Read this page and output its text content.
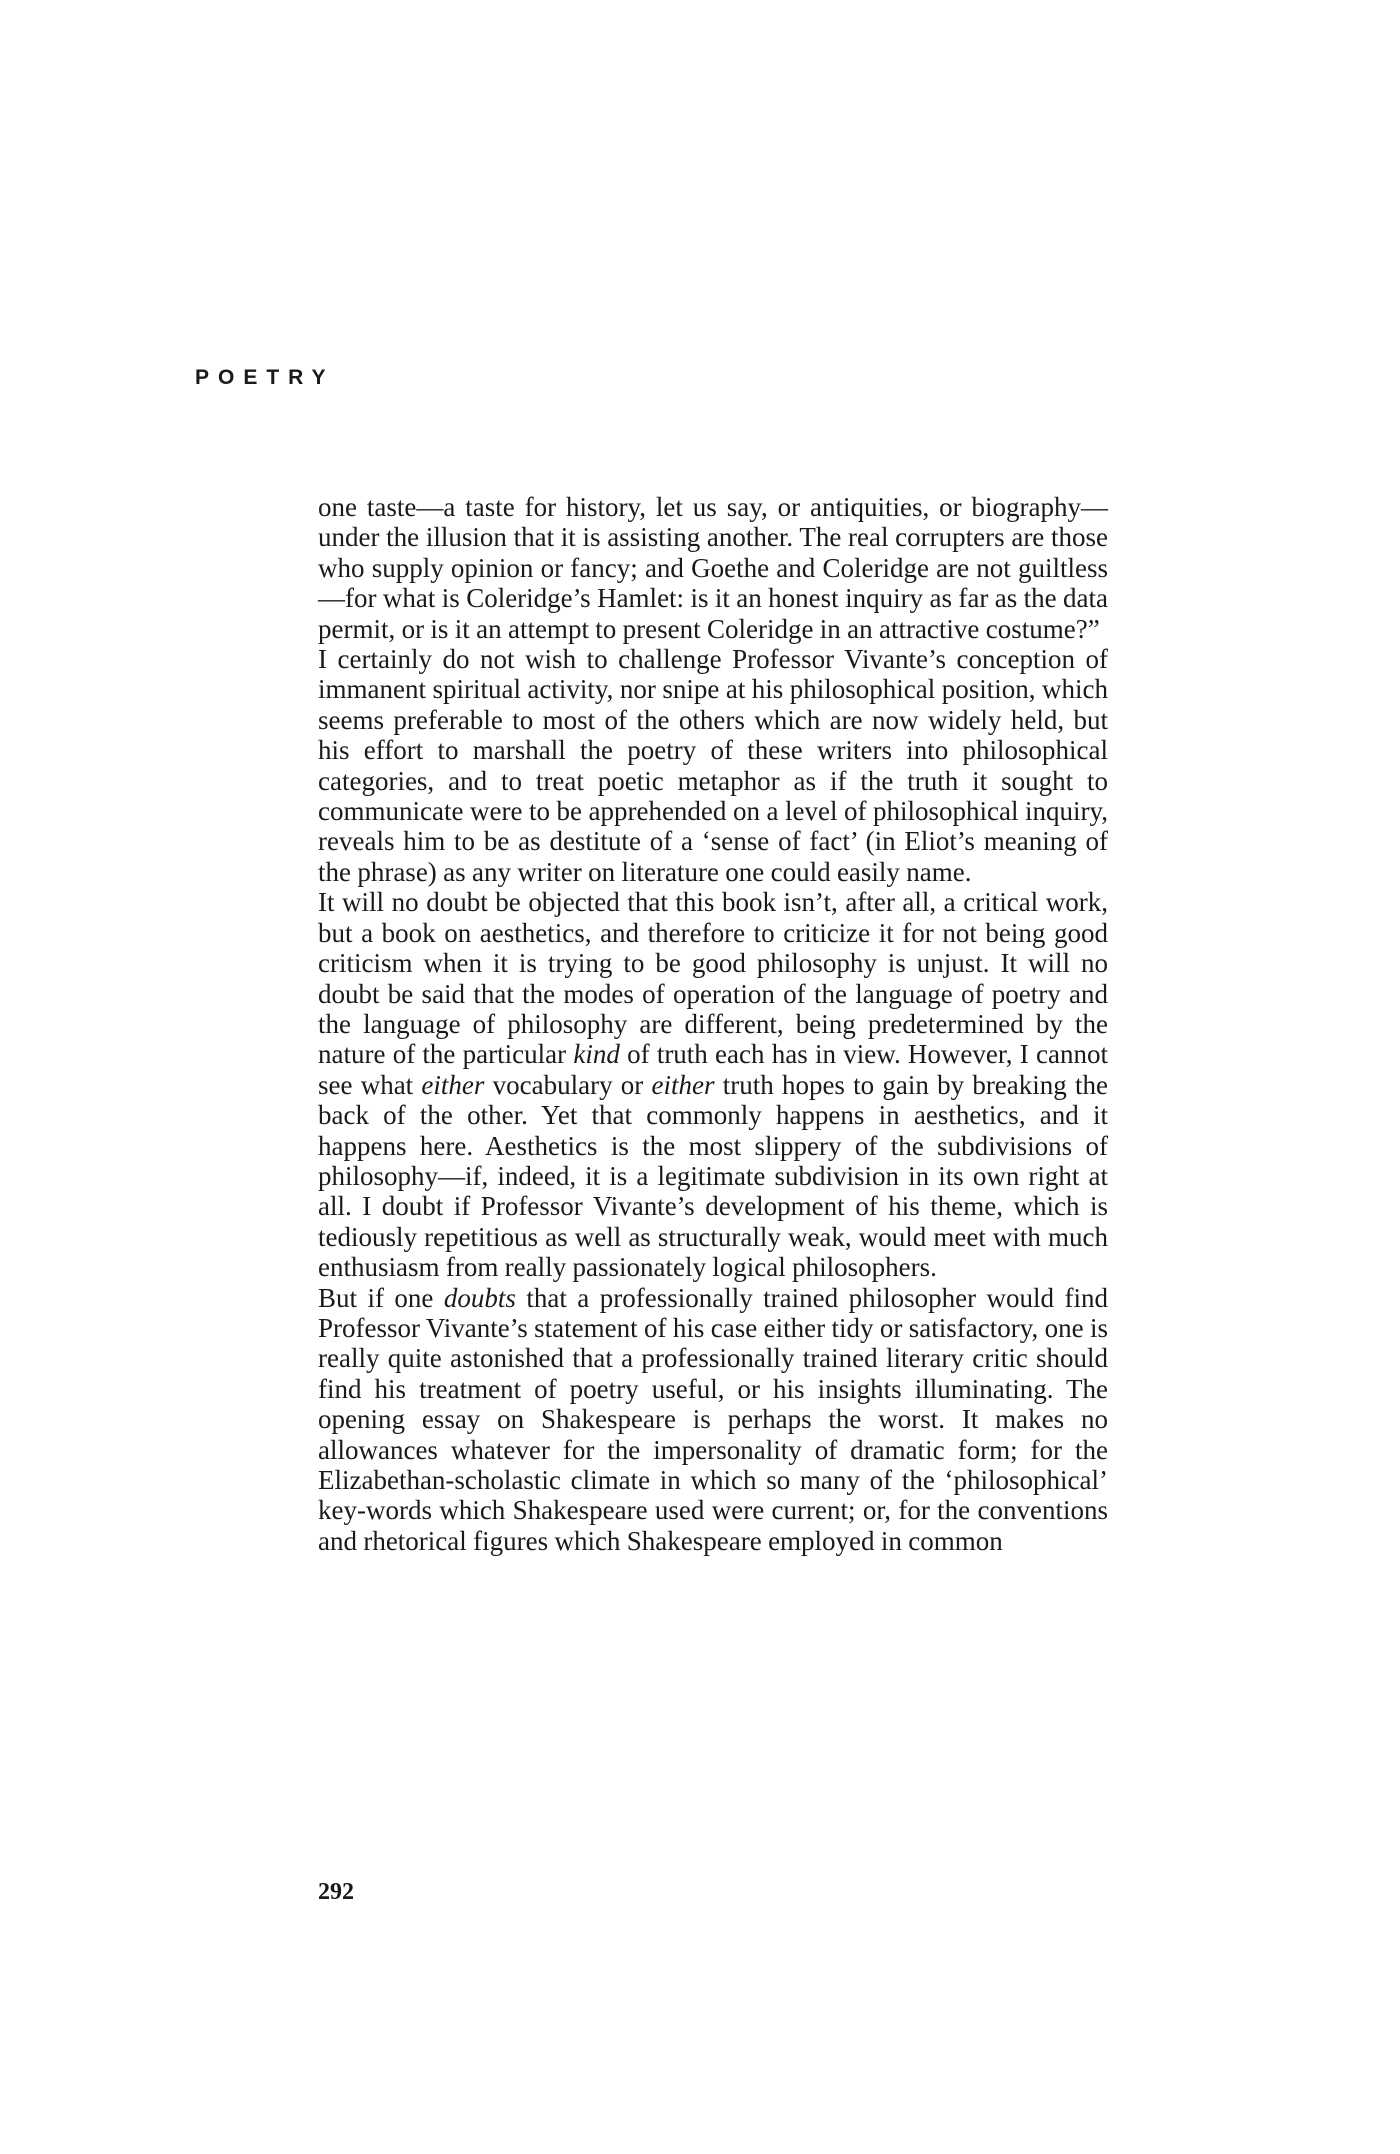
POETRY

one taste—a taste for history, let us say, or antiquities, or biography—under the illusion that it is assisting another. The real corrupters are those who supply opinion or fancy; and Goethe and Coleridge are not guiltless—for what is Coleridge’s Hamlet: is it an honest inquiry as far as the data permit, or is it an attempt to present Coleridge in an attractive costume?”

I certainly do not wish to challenge Professor Vivante’s conception of immanent spiritual activity, nor snipe at his philosophical position, which seems preferable to most of the others which are now widely held, but his effort to marshall the poetry of these writers into philosophical categories, and to treat poetic metaphor as if the truth it sought to communicate were to be apprehended on a level of philosophical inquiry, reveals him to be as destitute of a ‘sense of fact’ (in Eliot’s meaning of the phrase) as any writer on literature one could easily name.

It will no doubt be objected that this book isn’t, after all, a critical work, but a book on aesthetics, and therefore to criticize it for not being good criticism when it is trying to be good philosophy is unjust. It will no doubt be said that the modes of operation of the language of poetry and the language of philosophy are different, being predetermined by the nature of the particular kind of truth each has in view. However, I cannot see what either vocabulary or either truth hopes to gain by breaking the back of the other. Yet that commonly happens in aesthetics, and it happens here. Aesthetics is the most slippery of the subdivisions of philosophy—if, indeed, it is a legitimate subdivision in its own right at all. I doubt if Professor Vivante’s development of his theme, which is tediously repetitious as well as structurally weak, would meet with much enthusiasm from really passionately logical philosophers.

But if one doubts that a professionally trained philosopher would find Professor Vivante’s statement of his case either tidy or satisfactory, one is really quite astonished that a professionally trained literary critic should find his treatment of poetry useful, or his insights illuminating. The opening essay on Shakespeare is perhaps the worst. It makes no allowances whatever for the impersonality of dramatic form; for the Elizabethan-scholastic climate in which so many of the ‘philosophical’ key-words which Shakespeare used were current; or, for the conventions and rhetorical figures which Shakespeare employed in common

292
